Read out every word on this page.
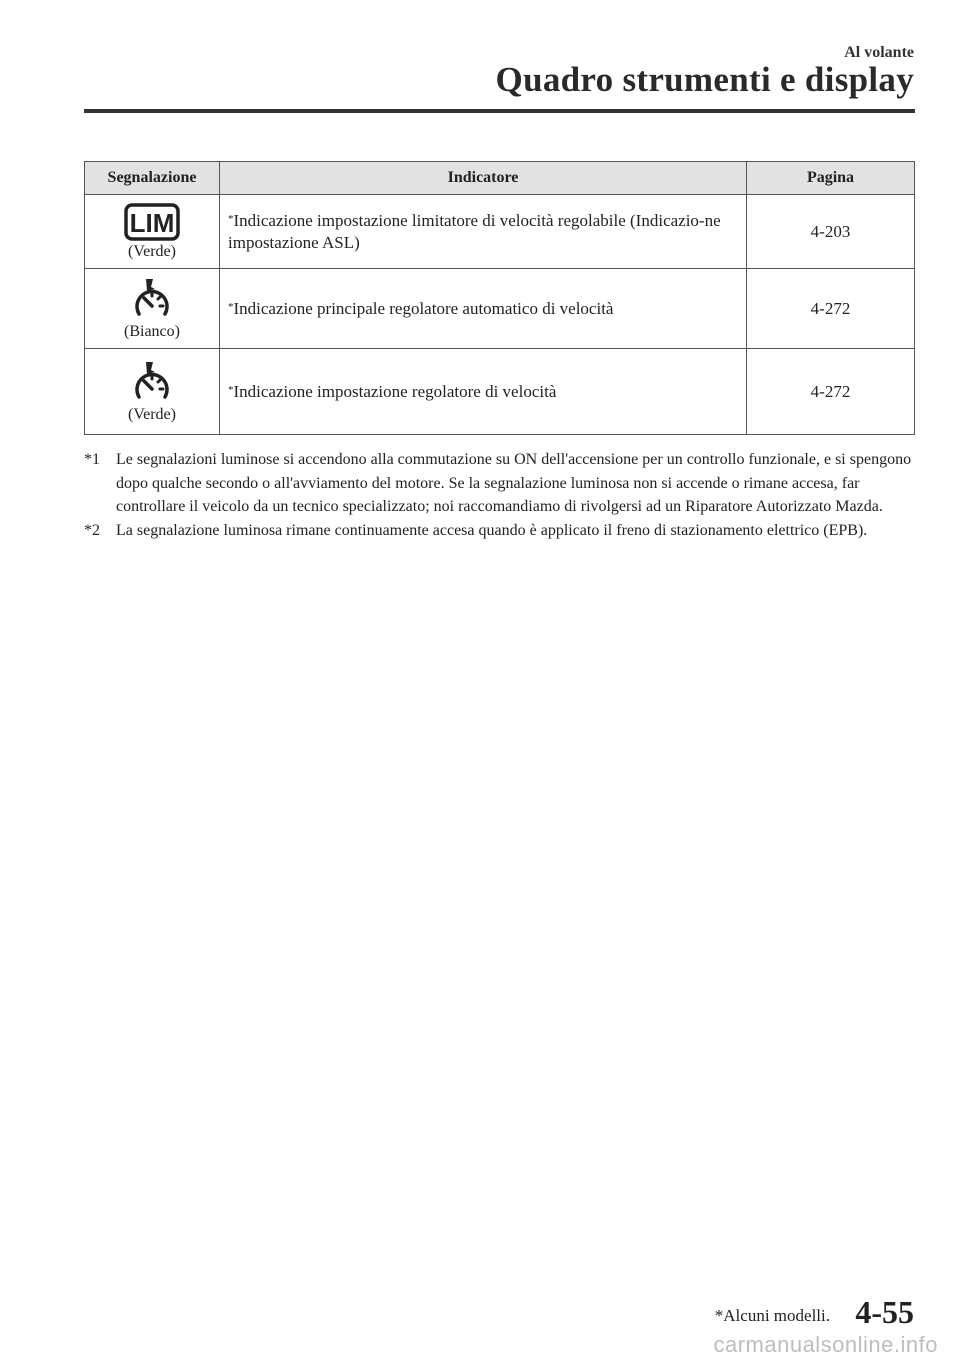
Al volante
Quadro strumenti e display
Segnalazione	Indicatore	Pagina

LIM
(Verde)	*Indicazione impostazione limitatore di velocità regolabile (Indicazio-ne impostazione ASL)	4-203

(Bianco)	*Indicazione principale regolatore automatico di velocità	4-272

(Verde)	*Indicazione impostazione regolatore di velocità	4-272
*1 Le segnalazioni luminose si accendono alla commutazione su ON dell'accensione per un controllo funzionale, e si spengono dopo qualche secondo o all'avviamento del motore. Se la segnalazione luminosa non si accende o rimane accesa, far controllare il veicolo da un tecnico specializzato; noi raccomandiamo di rivolgersi ad un Riparatore Autorizzato Mazda.
*2 La segnalazione luminosa rimane continuamente accesa quando è applicato il freno di stazionamento elettrico (EPB).
*Alcuni modelli. 4-55
carmanualsonline.info
